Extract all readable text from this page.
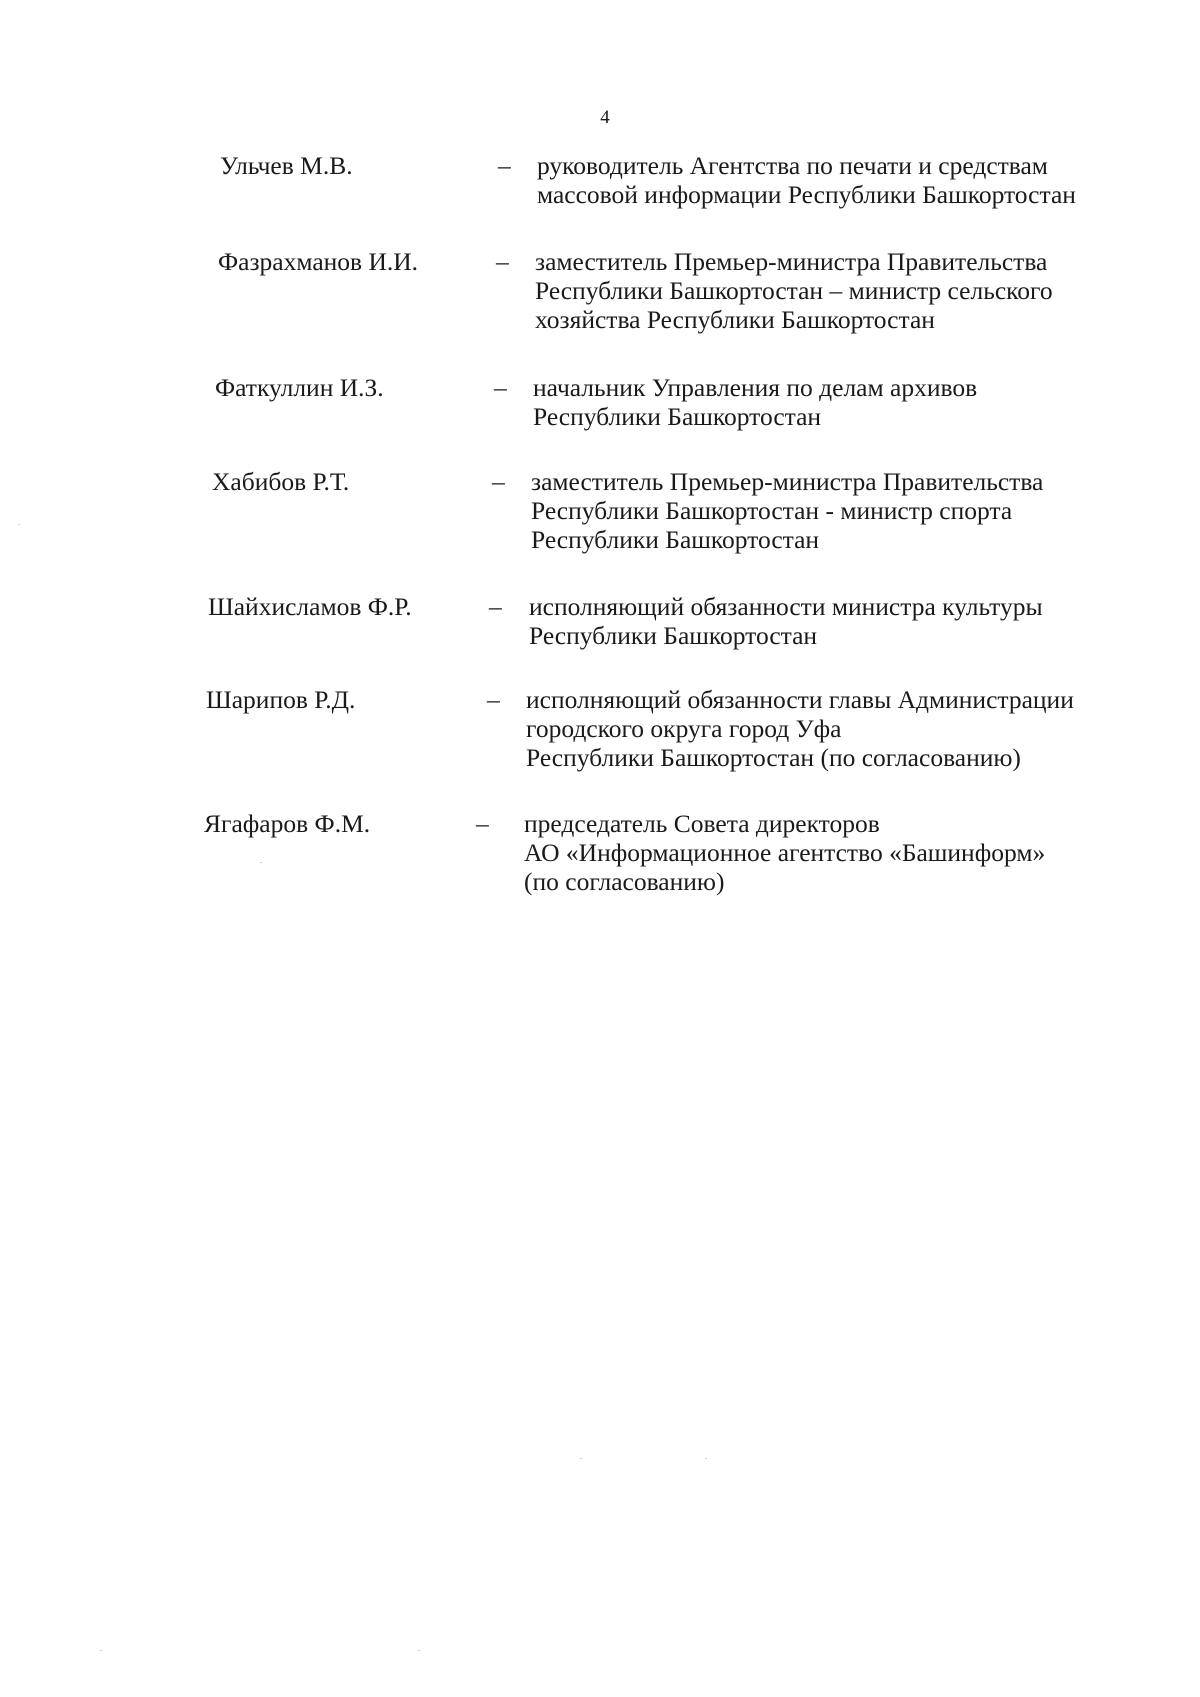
4
Ульчев М.В.	– руководитель Агентства по печати и средствам
массовой информации Республики Башкортостан
Фазрахманов И.И.	– заместитель Премьер-министра Правительства
Республики Башкортостан – министр сельского
хозяйства Республики Башкортостан
Фаткуллин И.З.	– начальник Управления по делам архивов
Республики Башкортостан
Хабибов Р.Т.	– заместитель Премьер-министра Правительства
Республики Башкортостан - министр спорта
Республики Башкортостан
Шайхисламов Ф.Р.	– исполняющий обязанности министра культуры
Республики Башкортостан
Шарипов Р.Д.	– исполняющий обязанности главы Администрации
городского округа город Уфа
Республики Башкортостан (по согласованию)
Ягафаров Ф.М.	– председатель Совета директоров
АО «Информационное агентство «Башинформ»
(по согласованию)
